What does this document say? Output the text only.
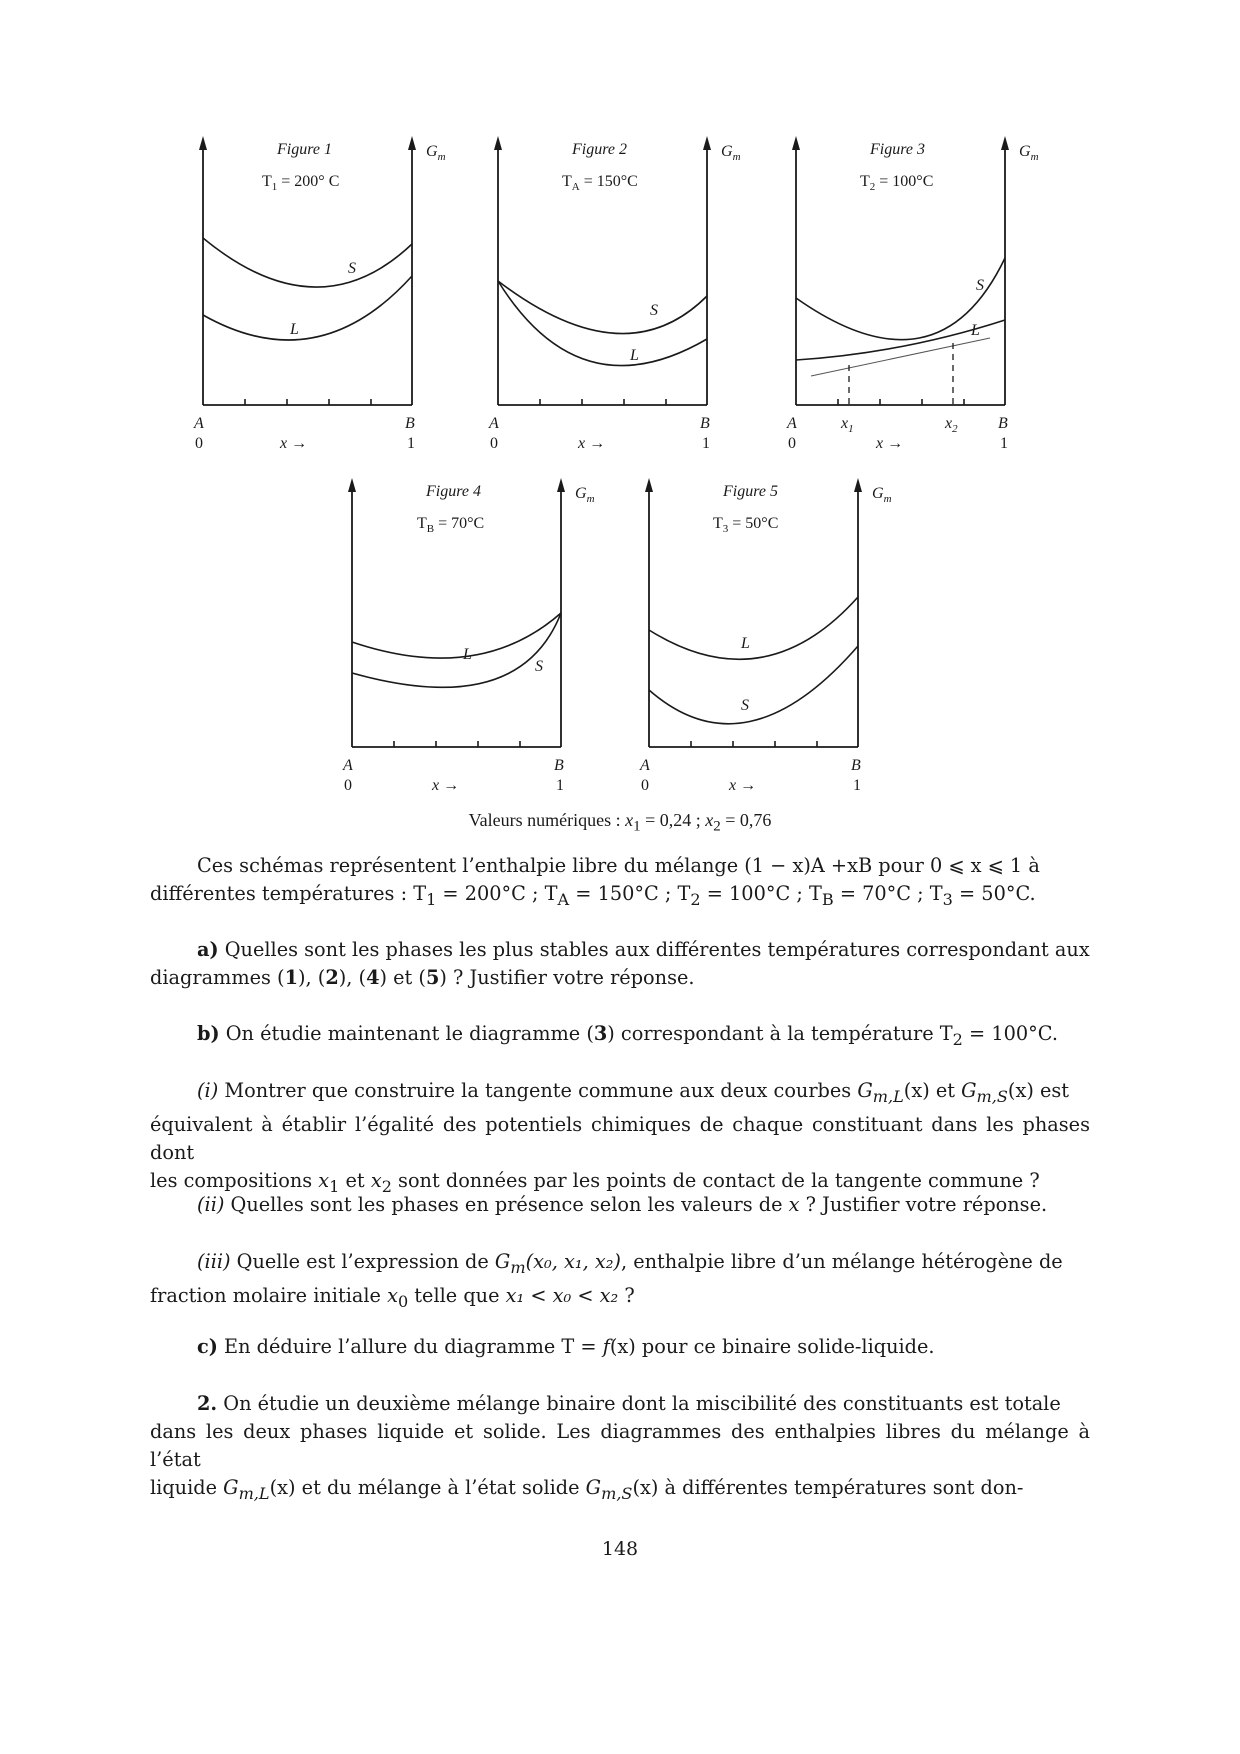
Figure 1
$T_1 = 200^\circ$ C
$G_m$
S
L
A	B
0	1
x →
Figure 2
$T_A = 150^\circ C$
$G_m$
S
L
A	B
0	1
x →
Figure 3
$T_2 = 100^\circ C$
$G_m$
S
L
A	B
$x_1$	$x_2$
0	1
x →
Figure 4
$T_B = 70^\circ C$
$G_m$
L
S
A	B
0	1
x →
Figure 5
$T_3 = 50^\circ C$
$G_m$
L
S
A	B
0	1
x →
Valeurs numériques : $x_1 = 0,24$ ; $x_2 = 0,76$

Ces schémas représentent l’enthalpie libre du mélange (1 − x)A +xB pour 0 ⩽ x ⩽ 1 à

différentes températures : $T_1 = 200^\circ C$ ; $T_A = 150^\circ C$ ; $T_2 = 100^\circ C$ ; $T_B = 70^\circ C$ ; $T_3 = 50^\circ C$.

a) Quelles sont les phases les plus stables aux différentes températures correspondant aux

diagrammes (1), (2), (4) et (5) ? Justifier votre réponse.

b) On étudie maintenant le diagramme (3) correspondant à la température $T_2 = 100^\circ C$.

(i) Montrer que construire la tangente commune aux deux courbes $G_{m,L}(x)$ et $G_{m,S}(x)$ est

équivalent à établir l’égalité des potentiels chimiques de chaque constituant dans les phases dont

les compositions $x_1$ et $x_2$ sont données par les points de contact de la tangente commune ?

(ii) Quelles sont les phases en présence selon les valeurs de x ? Justifier votre réponse.

(iii) Quelle est l’expression de $G_m(x_0$, x₁, x₂), enthalpie libre d’un mélange hétérogène de

fraction molaire initiale $x_0$ telle que x₁ < x₀ < x₂ ?

c) En déduire l’allure du diagramme T = f(x) pour ce binaire solide-liquide.

2. On étudie un deuxième mélange binaire dont la miscibilité des constituants est totale

dans les deux phases liquide et solide. Les diagrammes des enthalpies libres du mélange à l’état

liquide $G_{m,L}(x)$ et du mélange à l’état solide $G_{m,S}(x)$ à différentes températures sont don-

148
